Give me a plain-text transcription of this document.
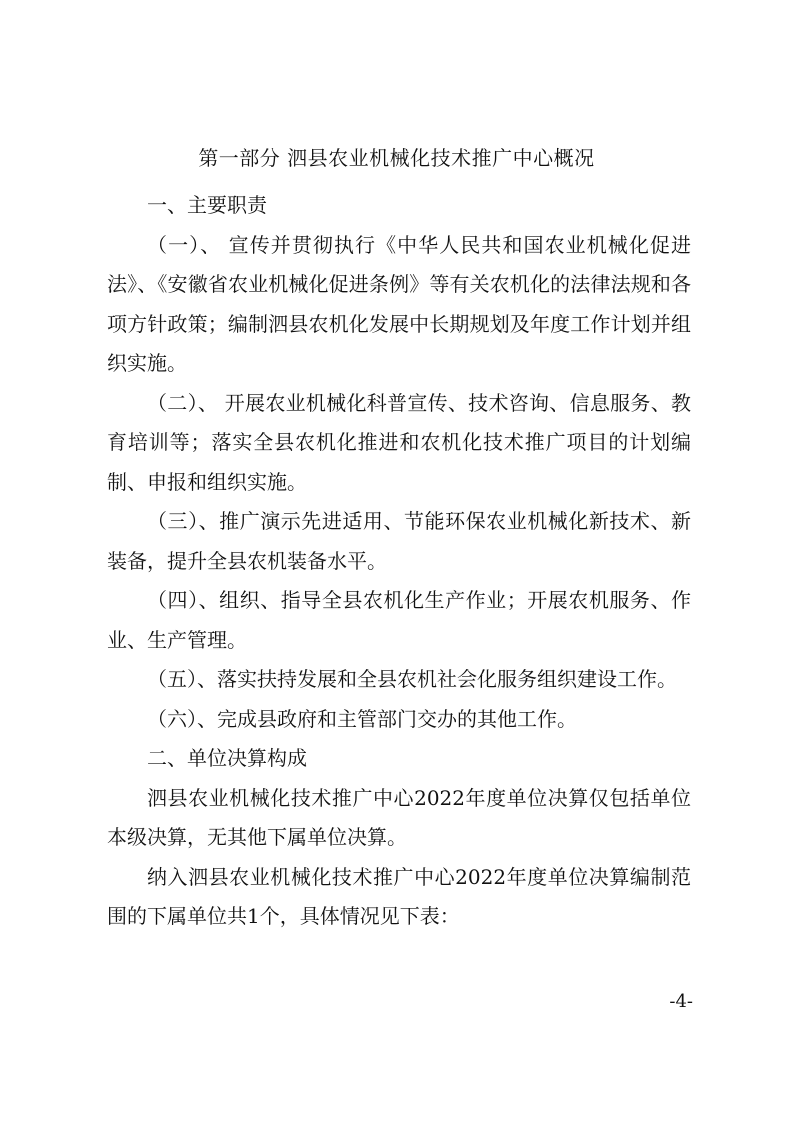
第一部分 泗县农业机械化技术推广中心概况

一、主要职责

（一）、 宣传并贯彻执行《中华人民共和国农业机械化促进法》、《安徽省农业机械化促进条例》等有关农机化的法律法规和各项方针政策；编制泗县农机化发展中长期规划及年度工作计划并组织实施。

（二）、 开展农业机械化科普宣传、技术咨询、信息服务、教育培训等；落实全县农机化推进和农机化技术推广项目的计划编制、申报和组织实施。

（三）、推广演示先进适用、节能环保农业机械化新技术、新装备，提升全县农机装备水平。

（四）、组织、指导全县农机化生产作业；开展农机服务、作业、生产管理。

（五）、落实扶持发展和全县农机社会化服务组织建设工作。

（六）、完成县政府和主管部门交办的其他工作。

二、单位决算构成

泗县农业机械化技术推广中心2022年度单位决算仅包括单位本级决算，无其他下属单位决算。

纳入泗县农业机械化技术推广中心2022年度单位决算编制范围的下属单位共1个，具体情况见下表：

-4-
